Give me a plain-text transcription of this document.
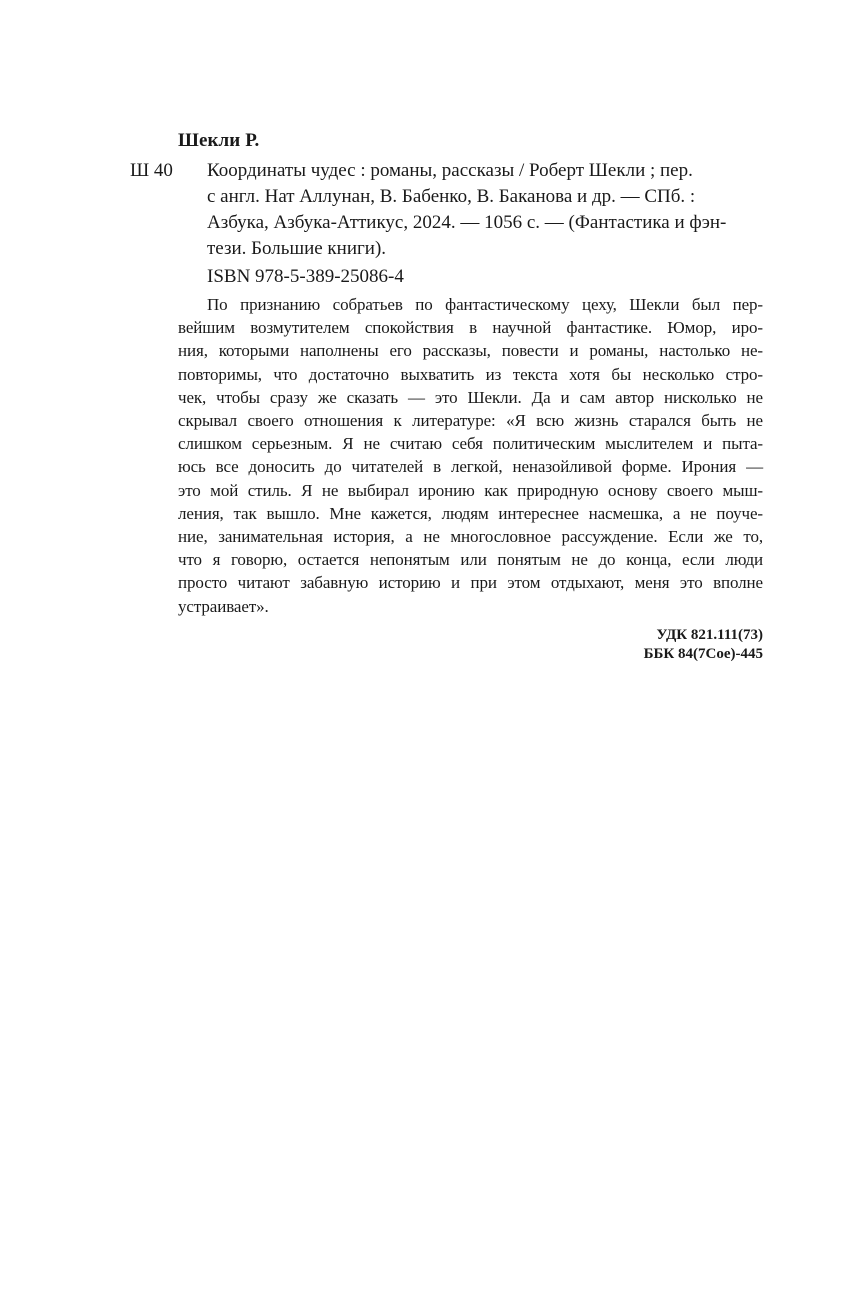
Шекли Р.
Ш 40 Координаты чудес : романы, рассказы / Роберт Шекли ; пер.
с англ. Нат Аллунан, В. Бабенко, В. Баканова и др. — СПб. :
Азбука, Азбука-Аттикус, 2024. — 1056 с. — (Фантастика и фэн-
тези. Большие книги).
ISBN 978-5-389-25086-4
По признанию собратьев по фантастическому цеху, Шекли был пер-
вейшим возмутителем спокойствия в научной фантастике. Юмор, иро-
ния, которыми наполнены его рассказы, повести и романы, настолько не-
повторимы, что достаточно выхватить из текста хотя бы несколько стро-
чек, чтобы сразу же сказать — это Шекли. Да и сам автор нисколько не
скрывал своего отношения к литературе: «Я всю жизнь старался быть не
слишком серьезным. Я не считаю себя политическим мыслителем и пыта-
юсь все доносить до читателей в легкой, неназойливой форме. Ирония —
это мой стиль. Я не выбирал иронию как природную основу своего мыш-
ления, так вышло. Мне кажется, людям интереснее насмешка, а не поуче-
ние, занимательная история, а не многословное рассуждение. Если же то,
что я говорю, остается непонятым или понятым не до конца, если люди
просто читают забавную историю и при этом отдыхают, меня это вполне
устраивает».
УДК 821.111(73)
ББК 84(7Сое)-445
